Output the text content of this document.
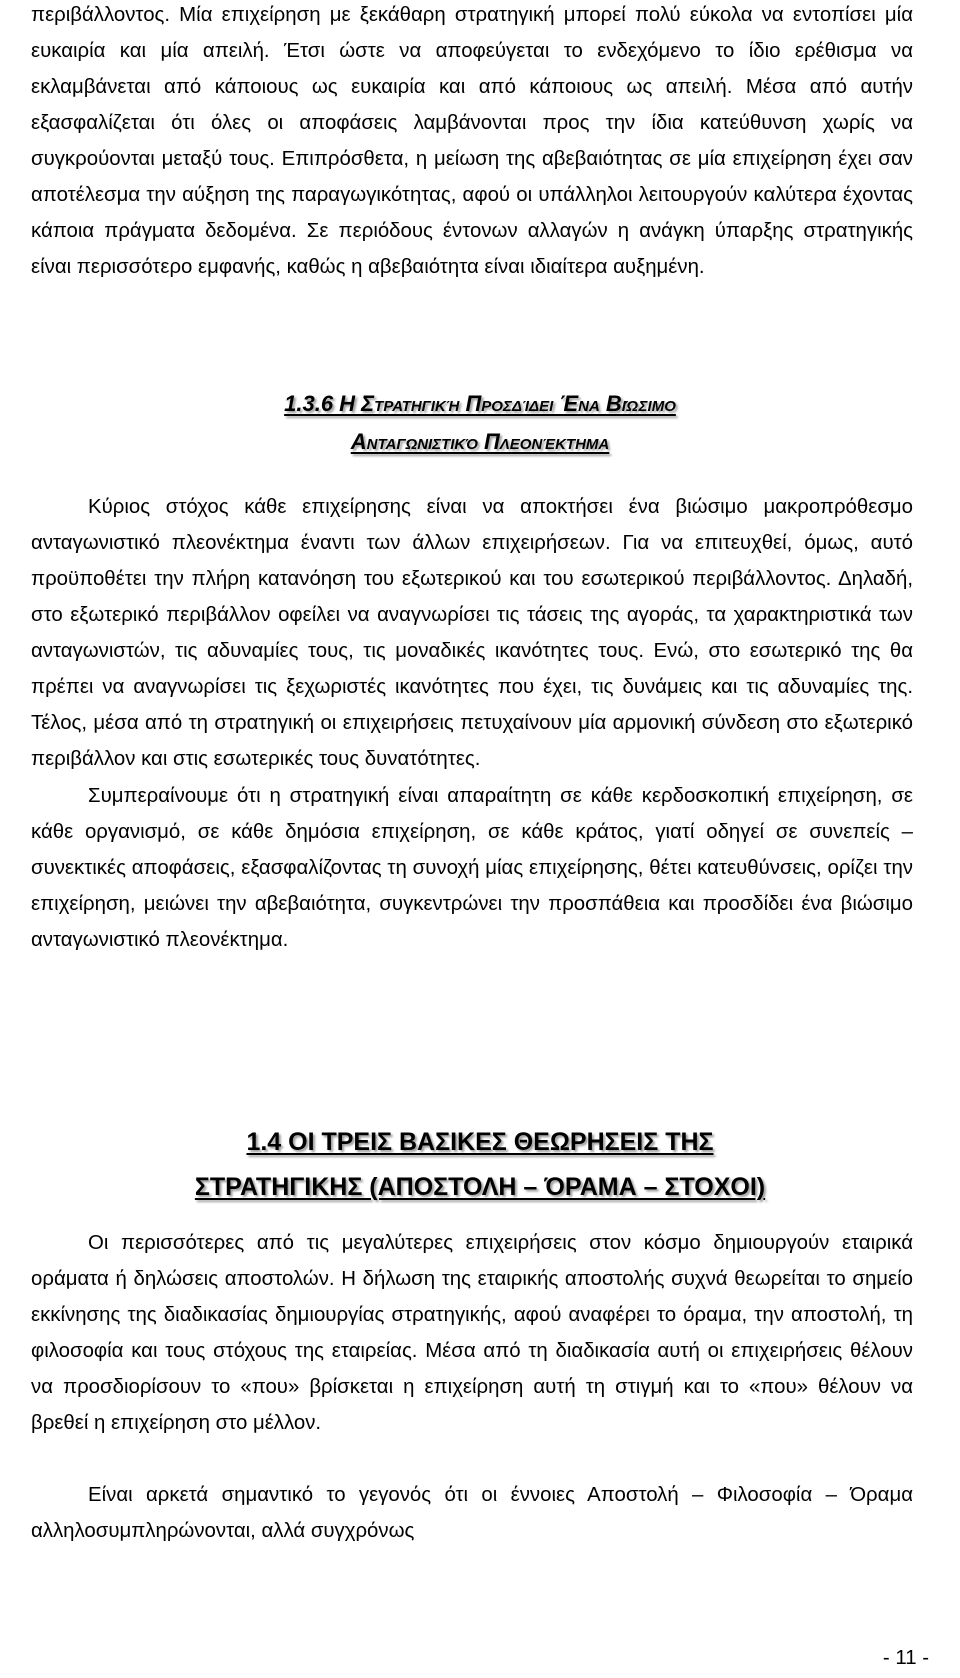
περιβάλλοντος. Μία επιχείρηση με ξεκάθαρη στρατηγική μπορεί πολύ εύκολα να εντοπίσει μία ευκαιρία και μία απειλή. Έτσι ώστε να αποφεύγεται το ενδεχόμενο το ίδιο ερέθισμα να εκλαμβάνεται από κάποιους ως ευκαιρία και από κάποιους ως απειλή. Μέσα από αυτήν εξασφαλίζεται ότι όλες οι αποφάσεις λαμβάνονται προς την ίδια κατεύθυνση χωρίς να συγκρούονται μεταξύ τους. Επιπρόσθετα, η μείωση της αβεβαιότητας σε μία επιχείρηση έχει σαν αποτέλεσμα την αύξηση της παραγωγικότητας, αφού οι υπάλληλοι λειτουργούν καλύτερα έχοντας κάποια πράγματα δεδομένα. Σε περιόδους έντονων αλλαγών η ανάγκη ύπαρξης στρατηγικής είναι περισσότερο εμφανής, καθώς η αβεβαιότητα είναι ιδιαίτερα αυξημένη.

1.3.6 Η Στρατηγική Προσδίδει Ένα Βιώσιμο
Ανταγωνιστικό Πλεονέκτημα

Κύριος στόχος κάθε επιχείρησης είναι να αποκτήσει ένα βιώσιμο μακροπρόθεσμο ανταγωνιστικό πλεονέκτημα έναντι των άλλων επιχειρήσεων. Για να επιτευχθεί, όμως, αυτό προϋποθέτει την πλήρη κατανόηση του εξωτερικού και του εσωτερικού περιβάλλοντος. Δηλαδή, στο εξωτερικό περιβάλλον οφείλει να αναγνωρίσει τις τάσεις της αγοράς, τα χαρακτηριστικά των ανταγωνιστών, τις αδυναμίες τους, τις μοναδικές ικανότητες τους. Ενώ, στο εσωτερικό της θα πρέπει να αναγνωρίσει τις ξεχωριστές ικανότητες που έχει, τις δυνάμεις και τις αδυναμίες της. Τέλος, μέσα από τη στρατηγική οι επιχειρήσεις πετυχαίνουν μία αρμονική σύνδεση στο εξωτερικό περιβάλλον και στις εσωτερικές τους δυνατότητες.

Συμπεραίνουμε ότι η στρατηγική είναι απαραίτητη σε κάθε κερδοσκοπική επιχείρηση, σε κάθε οργανισμό, σε κάθε δημόσια επιχείρηση, σε κάθε κράτος, γιατί οδηγεί σε συνεπείς – συνεκτικές αποφάσεις, εξασφαλίζοντας τη συνοχή μίας επιχείρησης, θέτει κατευθύνσεις, ορίζει την επιχείρηση, μειώνει την αβεβαιότητα, συγκεντρώνει την προσπάθεια και προσδίδει ένα βιώσιμο ανταγωνιστικό πλεονέκτημα.

1.4 ΟΙ ΤΡΕΙΣ ΒΑΣΙΚΕΣ ΘΕΩΡΗΣΕΙΣ ΤΗΣ
ΣΤΡΑΤΗΓΙΚΗΣ (ΑΠΟΣΤΟΛΗ – ΌΡΑΜΑ – ΣΤΟΧΟΙ)

Οι περισσότερες από τις μεγαλύτερες επιχειρήσεις στον κόσμο δημιουργούν εταιρικά οράματα ή δηλώσεις αποστολών. Η δήλωση της εταιρικής αποστολής συχνά θεωρείται το σημείο εκκίνησης της διαδικασίας δημιουργίας στρατηγικής, αφού αναφέρει το όραμα, την αποστολή, τη φιλοσοφία και τους στόχους της εταιρείας. Μέσα από τη διαδικασία αυτή οι επιχειρήσεις θέλουν να προσδιορίσουν το «που» βρίσκεται η επιχείρηση αυτή τη στιγμή και το «που» θέλουν να βρεθεί η επιχείρηση στο μέλλον.

Είναι αρκετά σημαντικό το γεγονός ότι οι έννοιες Αποστολή – Φιλοσοφία – Όραμα αλληλοσυμπληρώνονται, αλλά συγχρόνως

- 11 -
